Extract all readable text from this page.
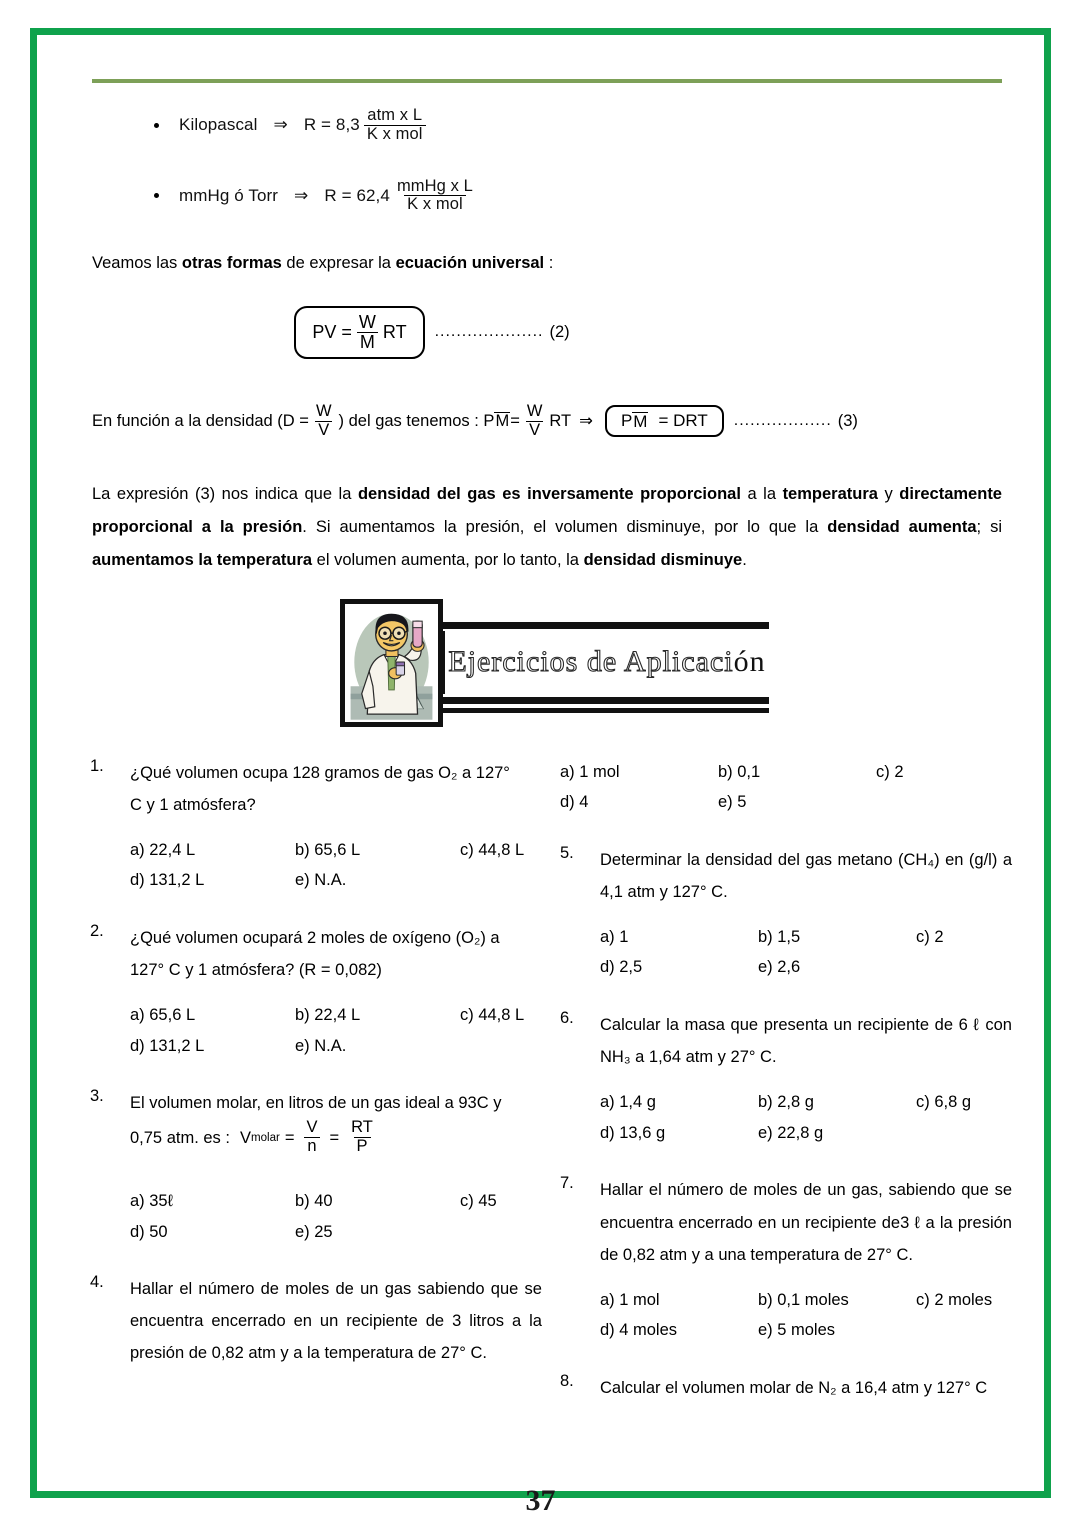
Kilopascal ⇒ $R = 8,3 \frac{\text{atm x L}}{\text{K x mol}}$
mmHg ó Torr ⇒ $R = 62,4 \frac{\text{mmHg x L}}{\text{K x mol}}$
Veamos las otras formas de expresar la ecuación universal :
PV = $\frac{W}{M}$ RT .................... (2)
En función a la densidad ($D = \frac{W}{V}$ ) del gas tenemos : P $M = \frac{W}{V}$ RT ⇒ P M = DRT .................. (3)
La expresión (3) nos indica que la densidad del gas es inversamente proporcional a la temperatura y directamente proporcional a la presión. Si aumentamos la presión, el volumen disminuye, por lo que la densidad aumenta; si aumentamos la temperatura el volumen aumenta, por lo tanto, la densidad disminuye.
Ejercicios de Aplicaci ón
1.	¿Qué volumen ocupa 128 gramos de gas O₂ a 127°
C y 1 atmósfera?
a) 22,4 L	b) 65,6 L	c) 44,8 L
d) 131,2 L	e) N.A.
2.	¿Qué volumen ocupará 2 moles de oxígeno (O₂) a
127° C y 1 atmósfera? (R = 0,082)
a) 65,6 L	b) 22,4 L	c) 44,8 L
d) 131,2 L	e) N.A.
3.	El volumen molar, en litros de un gas ideal a 93C y
0,75 atm. es : V molar = $\frac{V}{n} = \frac{RT}{P}$
a) 35ℓ	b) 40	c) 45
d) 50	e) 25
4.	Hallar el número de moles de un gas sabiendo que se encuentra encerrado en un recipiente de 3 litros a la presión de 0,82 atm y a la temperatura de 27° C.
a) 1 mol	b) 0,1	c) 2
d) 4	e) 5
5.	Determinar la densidad del gas metano (CH₄) en (g/l) a 4,1 atm y 127° C.
a) 1	b) 1,5	c) 2
d) 2,5	e) 2,6
6.	Calcular la masa que presenta un recipiente de 6 ℓ con NH₃ a 1,64 atm y 27° C.
a) 1,4 g	b) 2,8 g	c) 6,8 g
d) 13,6 g	e) 22,8 g
7.	Hallar el número de moles de un gas, sabiendo que se encuentra encerrado en un recipiente de3 ℓ a la presión de 0,82 atm y a una temperatura de 27° C.
a) 1 mol	b) 0,1 moles	c) 2 moles
d) 4 moles	e) 5 moles
8.	Calcular el volumen molar de N₂ a 16,4 atm y 127° C
37
